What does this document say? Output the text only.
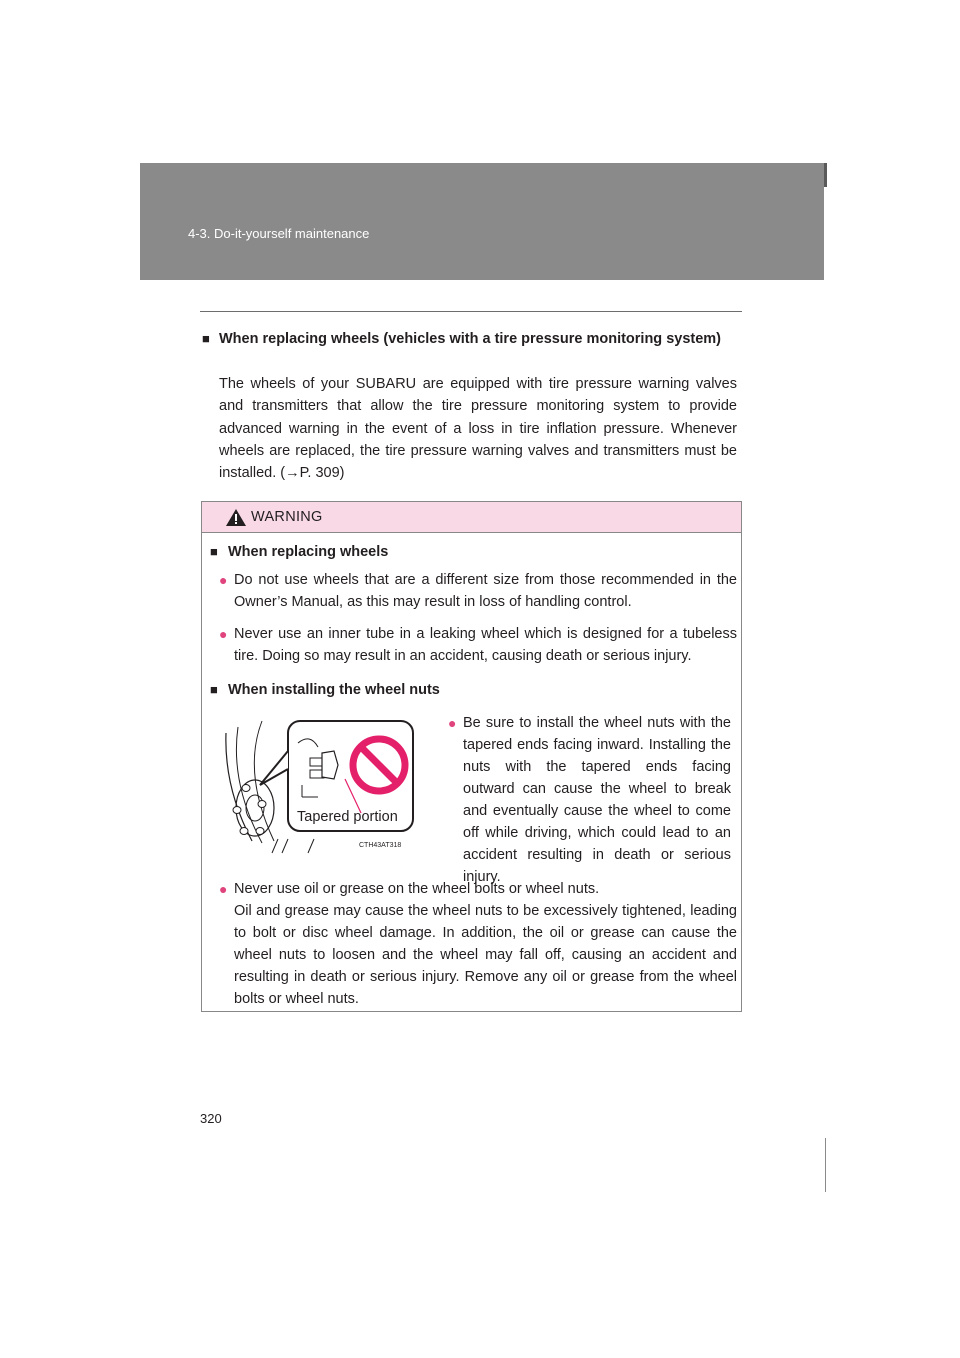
4-3. Do-it-yourself maintenance
■ When replacing wheels (vehicles with a tire pressure monitoring system)
The wheels of your SUBARU are equipped with tire pressure warning valves and transmitters that allow the tire pressure monitoring system to provide advanced warning in the event of a loss in tire inflation pressure. Whenever wheels are replaced, the tire pressure warning valves and transmitters must be installed. (→P. 309)
WARNING
■ When replacing wheels
● Do not use wheels that are a different size from those recommended in the Owner’s Manual, as this may result in loss of handling control.
● Never use an inner tube in a leaking wheel which is designed for a tubeless tire. Doing so may result in an accident, causing death or serious injury.
■ When installing the wheel nuts
● Be sure to install the wheel nuts with the tapered ends facing inward. Installing the nuts with the tapered ends facing outward can cause the wheel to break and eventually cause the wheel to come off while driving, which could lead to an accident resulting in death or serious injury.
● Never use oil or grease on the wheel bolts or wheel nuts.
Oil and grease may cause the wheel nuts to be excessively tightened, leading to bolt or disc wheel damage. In addition, the oil or grease can cause the wheel nuts to loosen and the wheel may fall off, causing an accident and resulting in death or serious injury. Remove any oil or grease from the wheel bolts or wheel nuts.
Tapered portion
CTH43AT318
320
